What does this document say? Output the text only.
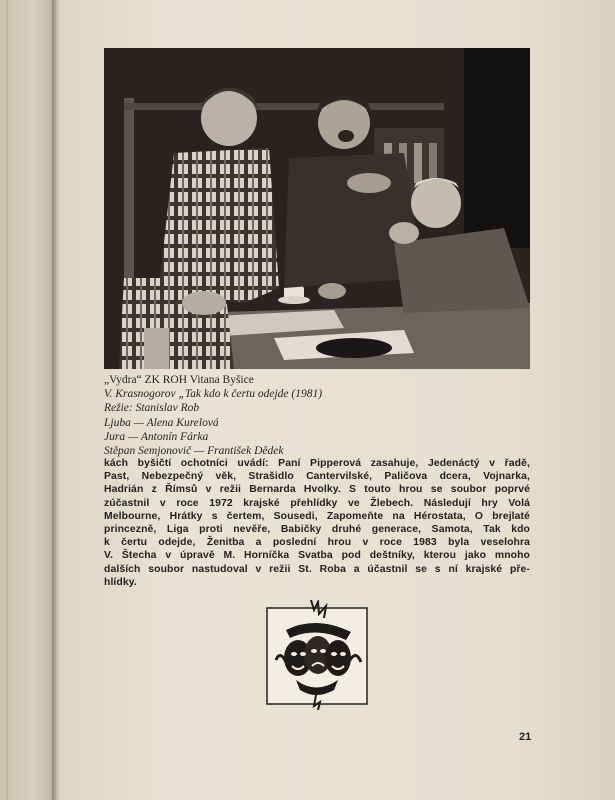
„Vydra“ ZK ROH Vitana Byšice
V. Krasnogorov „Tak kdo k čertu odejde (1981)
Režie: Stanislav Rob
Ljuba — Alena Kurelová
Jura — Antonín Fárka
Stěpan Semjonovič — František Dědek
kách byšičtí ochotníci uvádí: Paní Pipperová zasahuje, Jedenáctý v řadě,
Past, Nebezpečný věk, Strašidlo Cantervilské, Paličova dcera, Vojnarka,
Hadrián z Římsů v režii Bernarda Hvolky. S touto hrou se soubor poprvé
zúčastnil v roce 1972 krajské přehlídky ve Žlebech. Následují hry Volá
Melbourne, Hrátky s čertem, Sousedi, Zapomeňte na Hérostata, O brejlaté
princezně, Liga proti nevěře, Babičky druhé generace, Samota, Tak kdo
k čertu odejde, Ženitba a poslední hrou v roce 1983 byla veselohra
V. Štecha v úpravě M. Horníčka Svatba pod deštníky, kterou jako mnoho
dalších soubor nastudoval v režii St. Roba a účastnil se s ní krajské pře-
hlídky.
21
